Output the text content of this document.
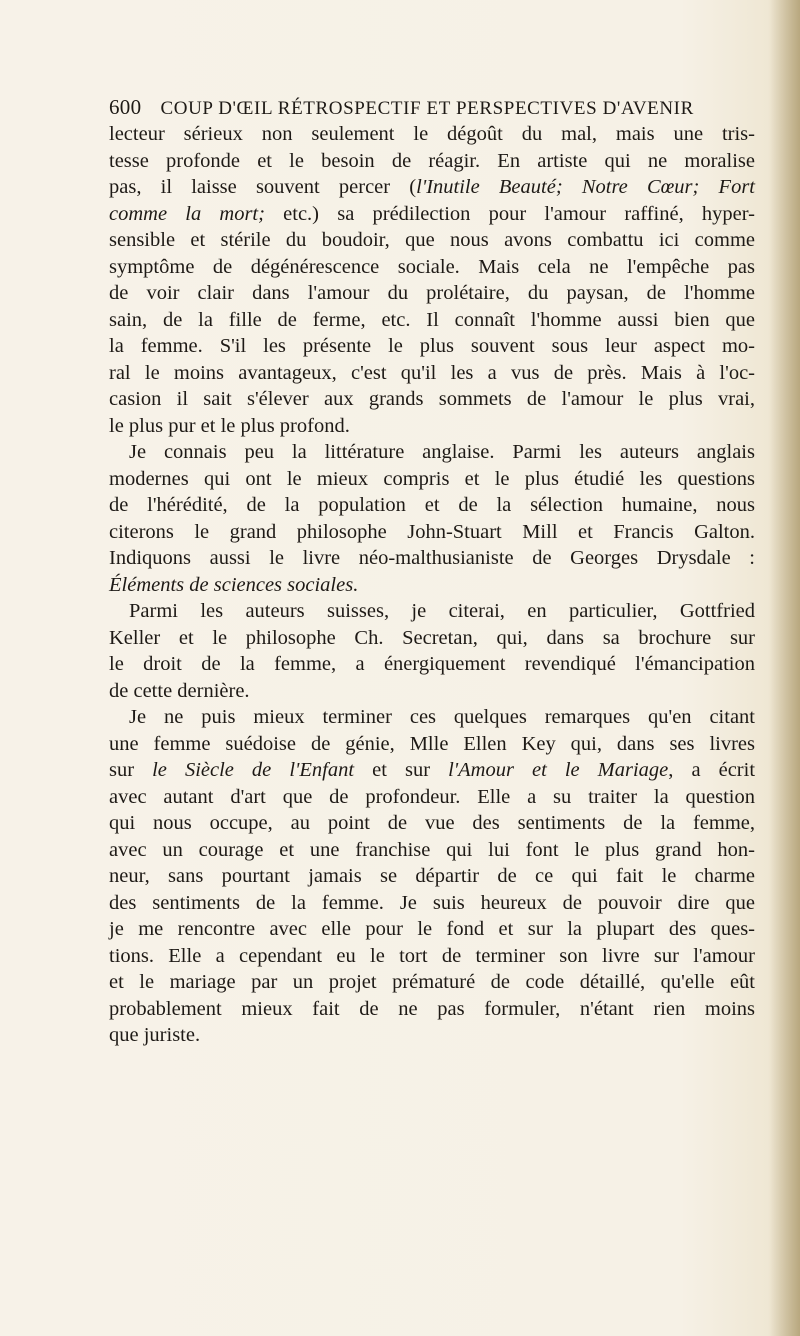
600 COUP D'ŒIL RÉTROSPECTIF ET PERSPECTIVES D'AVENIR
lecteur sérieux non seulement le dégoût du mal, mais une tris-
tesse profonde et le besoin de réagir. En artiste qui ne moralise
pas, il laisse souvent percer (l'Inutile Beauté; Notre Cœur; Fort
comme la mort; etc.) sa prédilection pour l'amour raffiné, hyper-
sensible et stérile du boudoir, que nous avons combattu ici comme
symptôme de dégénérescence sociale. Mais cela ne l'empêche pas
de voir clair dans l'amour du prolétaire, du paysan, de l'homme
sain, de la fille de ferme, etc. Il connaît l'homme aussi bien que
la femme. S'il les présente le plus souvent sous leur aspect mo-
ral le moins avantageux, c'est qu'il les a vus de près. Mais à l'oc-
casion il sait s'élever aux grands sommets de l'amour le plus vrai,
le plus pur et le plus profond.
Je connais peu la littérature anglaise. Parmi les auteurs anglais
modernes qui ont le mieux compris et le plus étudié les questions
de l'hérédité, de la population et de la sélection humaine, nous
citerons le grand philosophe John-Stuart Mill et Francis Galton.
Indiquons aussi le livre néo-malthusianiste de Georges Drysdale :
Éléments de sciences sociales.
Parmi les auteurs suisses, je citerai, en particulier, Gottfried
Keller et le philosophe Ch. Secretan, qui, dans sa brochure sur
le droit de la femme, a énergiquement revendiqué l'émancipation
de cette dernière.
Je ne puis mieux terminer ces quelques remarques qu'en citant
une femme suédoise de génie, Mlle Ellen Key qui, dans ses livres
sur le Siècle de l'Enfant et sur l'Amour et le Mariage, a écrit
avec autant d'art que de profondeur. Elle a su traiter la question
qui nous occupe, au point de vue des sentiments de la femme,
avec un courage et une franchise qui lui font le plus grand hon-
neur, sans pourtant jamais se départir de ce qui fait le charme
des sentiments de la femme. Je suis heureux de pouvoir dire que
je me rencontre avec elle pour le fond et sur la plupart des ques-
tions. Elle a cependant eu le tort de terminer son livre sur l'amour
et le mariage par un projet prématuré de code détaillé, qu'elle eût
probablement mieux fait de ne pas formuler, n'étant rien moins
que juriste.
